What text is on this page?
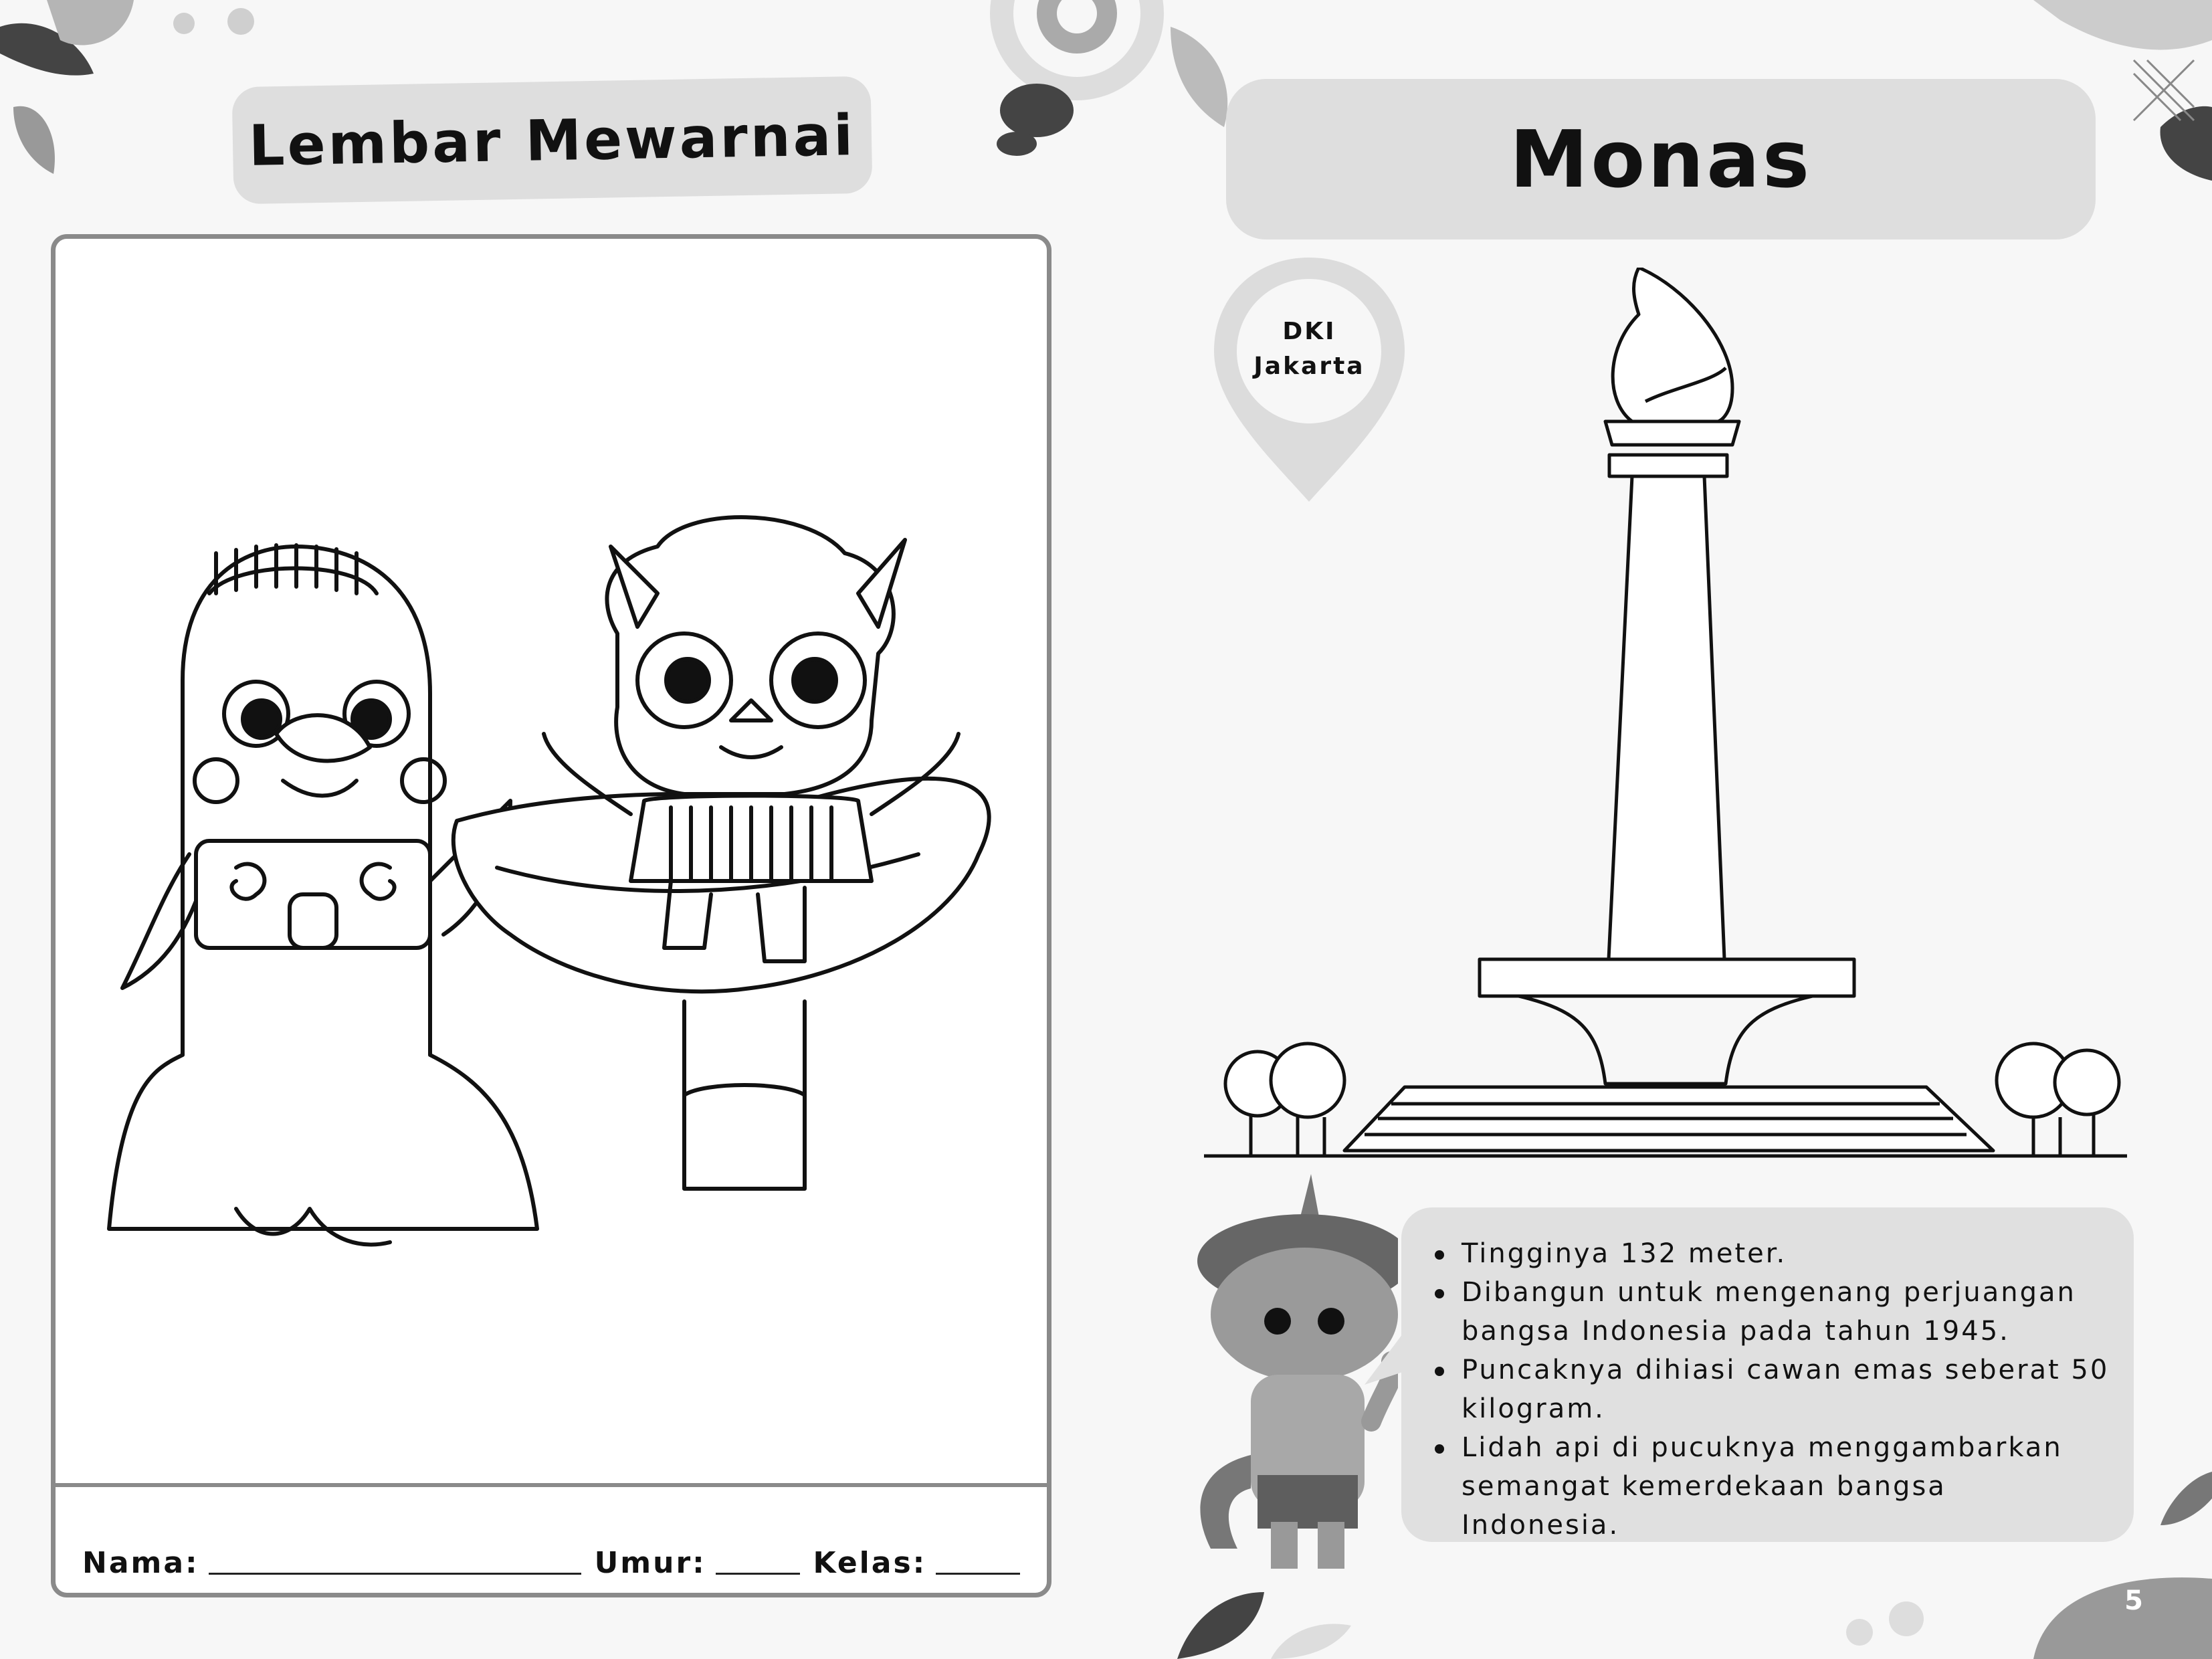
Lembar Mewarnai
Nama:	Umur:	Kelas:
Monas
DKI
Jakarta
Tingginya 132 meter.
Dibangun untuk mengenang perjuangan bangsa Indonesia pada tahun 1945.
Puncaknya dihiasi cawan emas seberat 50 kilogram.
Lidah api di pucuknya menggambarkan semangat kemerdekaan bangsa Indonesia.
5
